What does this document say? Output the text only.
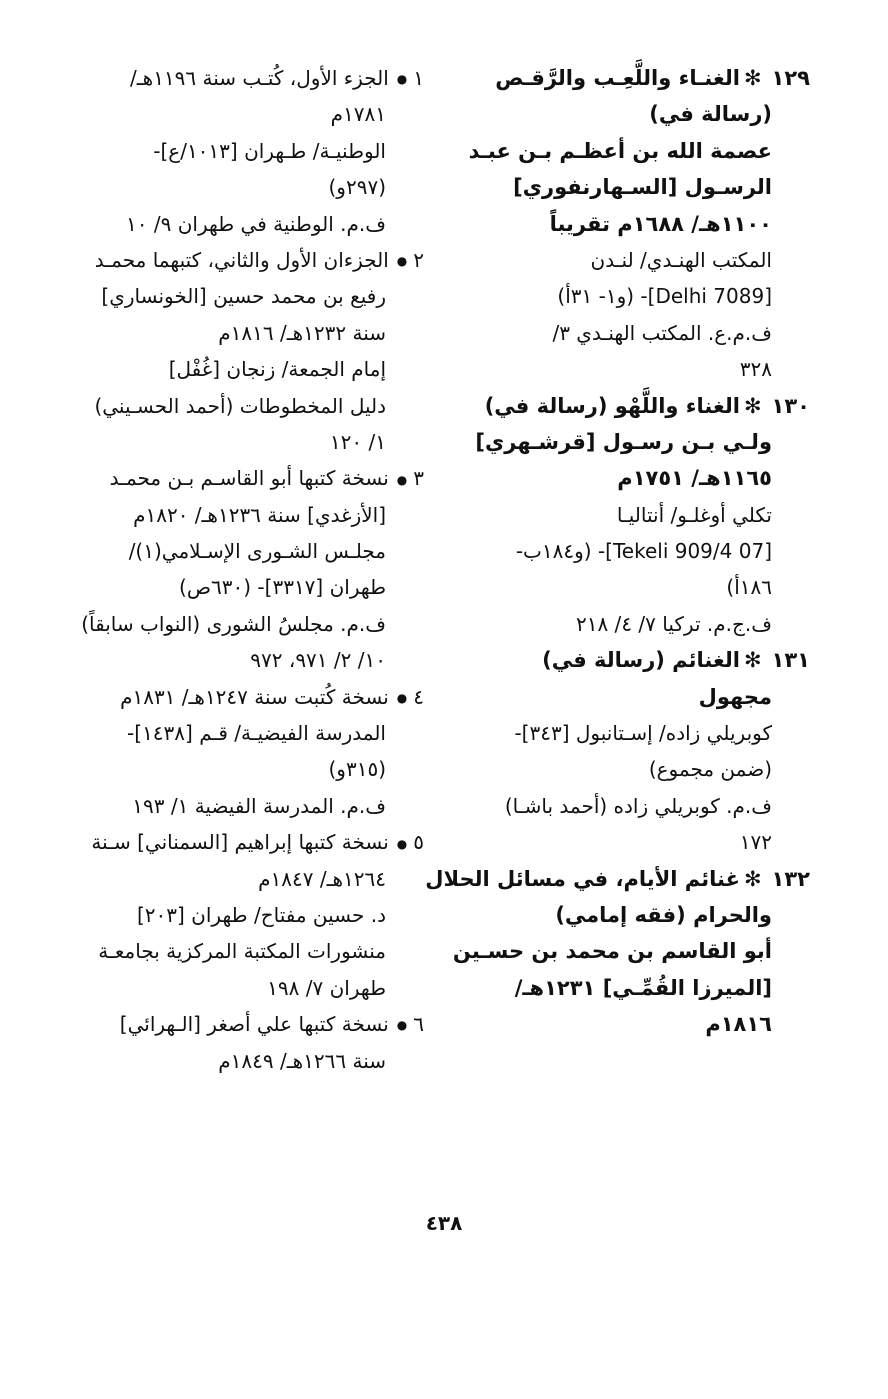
١٢٩✻الغنـاء واللَّعِـب والرَّقـص
(رسالة في)
عصمة الله بن أعظـم بـن عبـد
الرسـول [السـهارنفوري]
١١٠٠هـ/ ١٦٨٨م تقريباً
المكتب الهنـدي/ لنـدن
[Delhi 7089]- (و١- ٣١أ)
ف.م.ع. المكتب الهنـدي ٣/
٣٢٨
١٣٠✻الغناء واللَّهْو (رسالة في)
ولـي بـن رسـول [قرشـهري]
١١٦٥هـ/ ١٧٥١م
تكلي أوغلـو/ أنتاليـا
[Tekeli 909/4 07]- (و١٨٤ب-
١٨٦أ)
ف.ج.م. تركيا ٧/ ٤/ ٢١٨
١٣١✻الغنائم (رسالة في)
مجهول
كوبريلي زاده/ إسـتانبول [٣٤٣]-
(ضمن مجموع)
ف.م. كوبريلي زاده (أحمد باشـا)
١٧٢
١٣٢✻غنائم الأيام، في مسائل الحلال
والحرام (فقه إمامي)
أبو القاسم بن محمد بن حسـين
[الميرزا القُمِّـي] ١٢٣١هـ/
١٨١٦م
١●الجزء الأول، كُتـب سنة ١١٩٦هـ/
١٧٨١م
الوطنيـة/ طـهران [١٠١٣/ع]-
(٢٩٧و)
ف.م. الوطنية في طهران ٩/ ١٠
٢●الجزءان الأول والثاني، كتبهما محمـد
رفيع بن محمد حسين [الخونساري]
سنة ١٢٣٢هـ/ ١٨١٦م
إمام الجمعة/ زنجان [غُفْل]
دليل المخطوطات (أحمد الحسـيني)
١/ ١٢٠
٣●نسخة كتبها أبو القاسـم بـن محمـد
[الأزغدي] سنة ١٢٣٦هـ/ ١٨٢٠م
مجلـس الشـورى الإسـلامي(١)/
طهران [٣٣١٧]- (٦٣٠ص)
ف.م. مجلسُ الشورى (النواب سابقاً)
١٠/ ٢/ ٩٧١، ٩٧٢
٤●نسخة كُتبت سنة ١٢٤٧هـ/ ١٨٣١م
المدرسة الفيضيـة/ قـم [١٤٣٨]-
(٣١٥و)
ف.م. المدرسة الفيضية ١/ ١٩٣
٥●نسخة كتبها إبراهيم [السمناني] سـنة
١٢٦٤هـ/ ١٨٤٧م
د. حسين مفتاح/ طهران [٢٠٣]
منشورات المكتبة المركزية بجامعـة
طهران ٧/ ١٩٨
٦●نسخة كتبها علي أصغر [الـهرائي]
سنة ١٢٦٦هـ/ ١٨٤٩م
٤٣٨
